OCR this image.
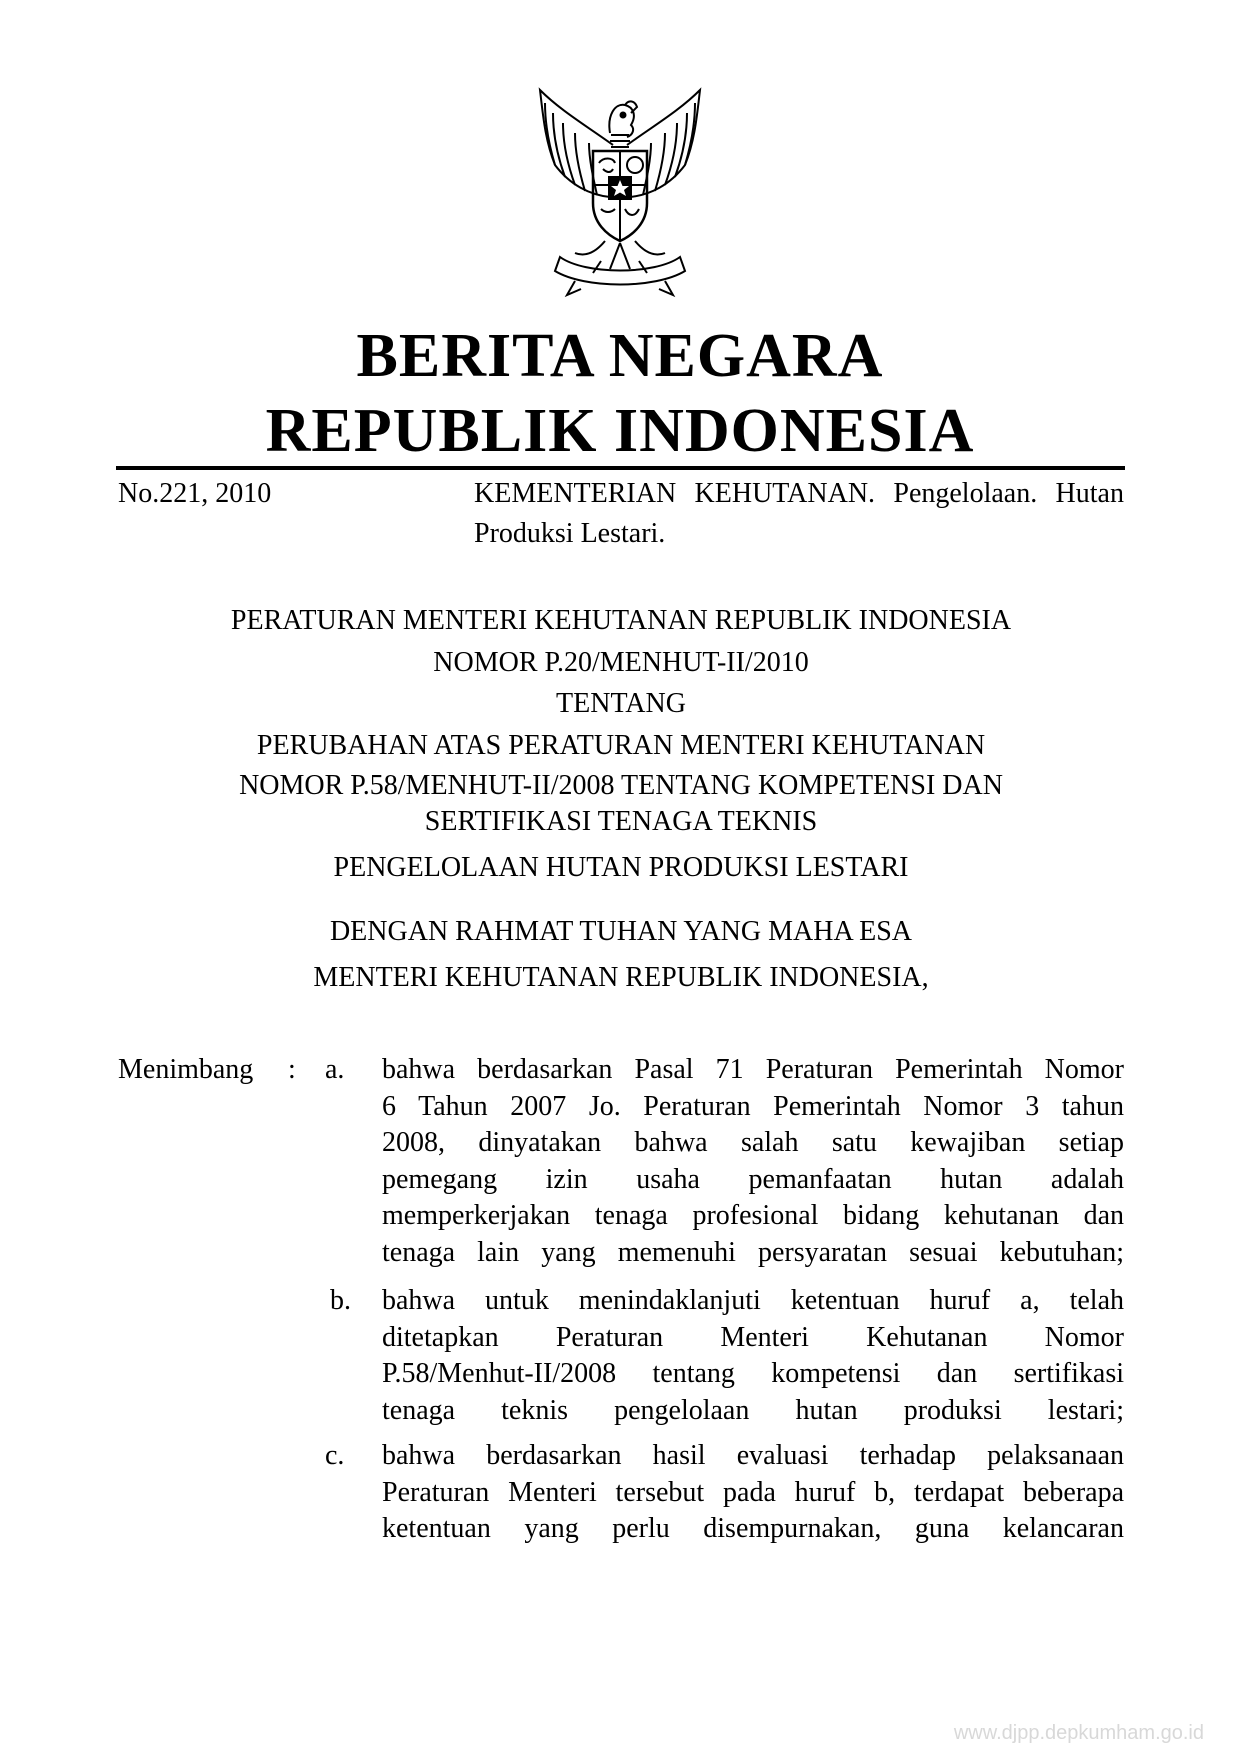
BERITA NEGARA
REPUBLIK INDONESIA
No.221, 2010	KEMENTERIAN KEHUTANAN. Pengelolaan. Hutan Produksi Lestari.

PERATURAN MENTERI KEHUTANAN REPUBLIK INDONESIA

NOMOR P.20/MENHUT-II/2010

TENTANG

PERUBAHAN ATAS PERATURAN MENTERI KEHUTANAN

NOMOR P.58/MENHUT-II/2008 TENTANG KOMPETENSI DAN
SERTIFIKASI TENAGA TEKNIS

PENGELOLAAN HUTAN PRODUKSI LESTARI

DENGAN RAHMAT TUHAN YANG MAHA ESA

MENTERI KEHUTANAN REPUBLIK INDONESIA,

Menimbang : a.	bahwa berdasarkan Pasal 71 Peraturan Pemerintah Nomor
6 Tahun 2007 Jo. Peraturan Pemerintah Nomor 3 tahun
2008, dinyatakan bahwa salah satu kewajiban setiap
pemegang izin usaha pemanfaatan hutan adalah
memperkerjakan tenaga profesional bidang kehutanan dan
tenaga lain yang memenuhi persyaratan sesuai kebutuhan;
b.	bahwa untuk menindaklanjuti ketentuan huruf a, telah
ditetapkan Peraturan Menteri Kehutanan Nomor
P.58/Menhut-II/2008 tentang kompetensi dan sertifikasi
tenaga teknis pengelolaan hutan produksi lestari;
c.	bahwa berdasarkan hasil evaluasi terhadap pelaksanaan
Peraturan Menteri tersebut pada huruf b, terdapat beberapa
ketentuan yang perlu disempurnakan, guna kelancaran
www.djpp.depkumham.go.id
